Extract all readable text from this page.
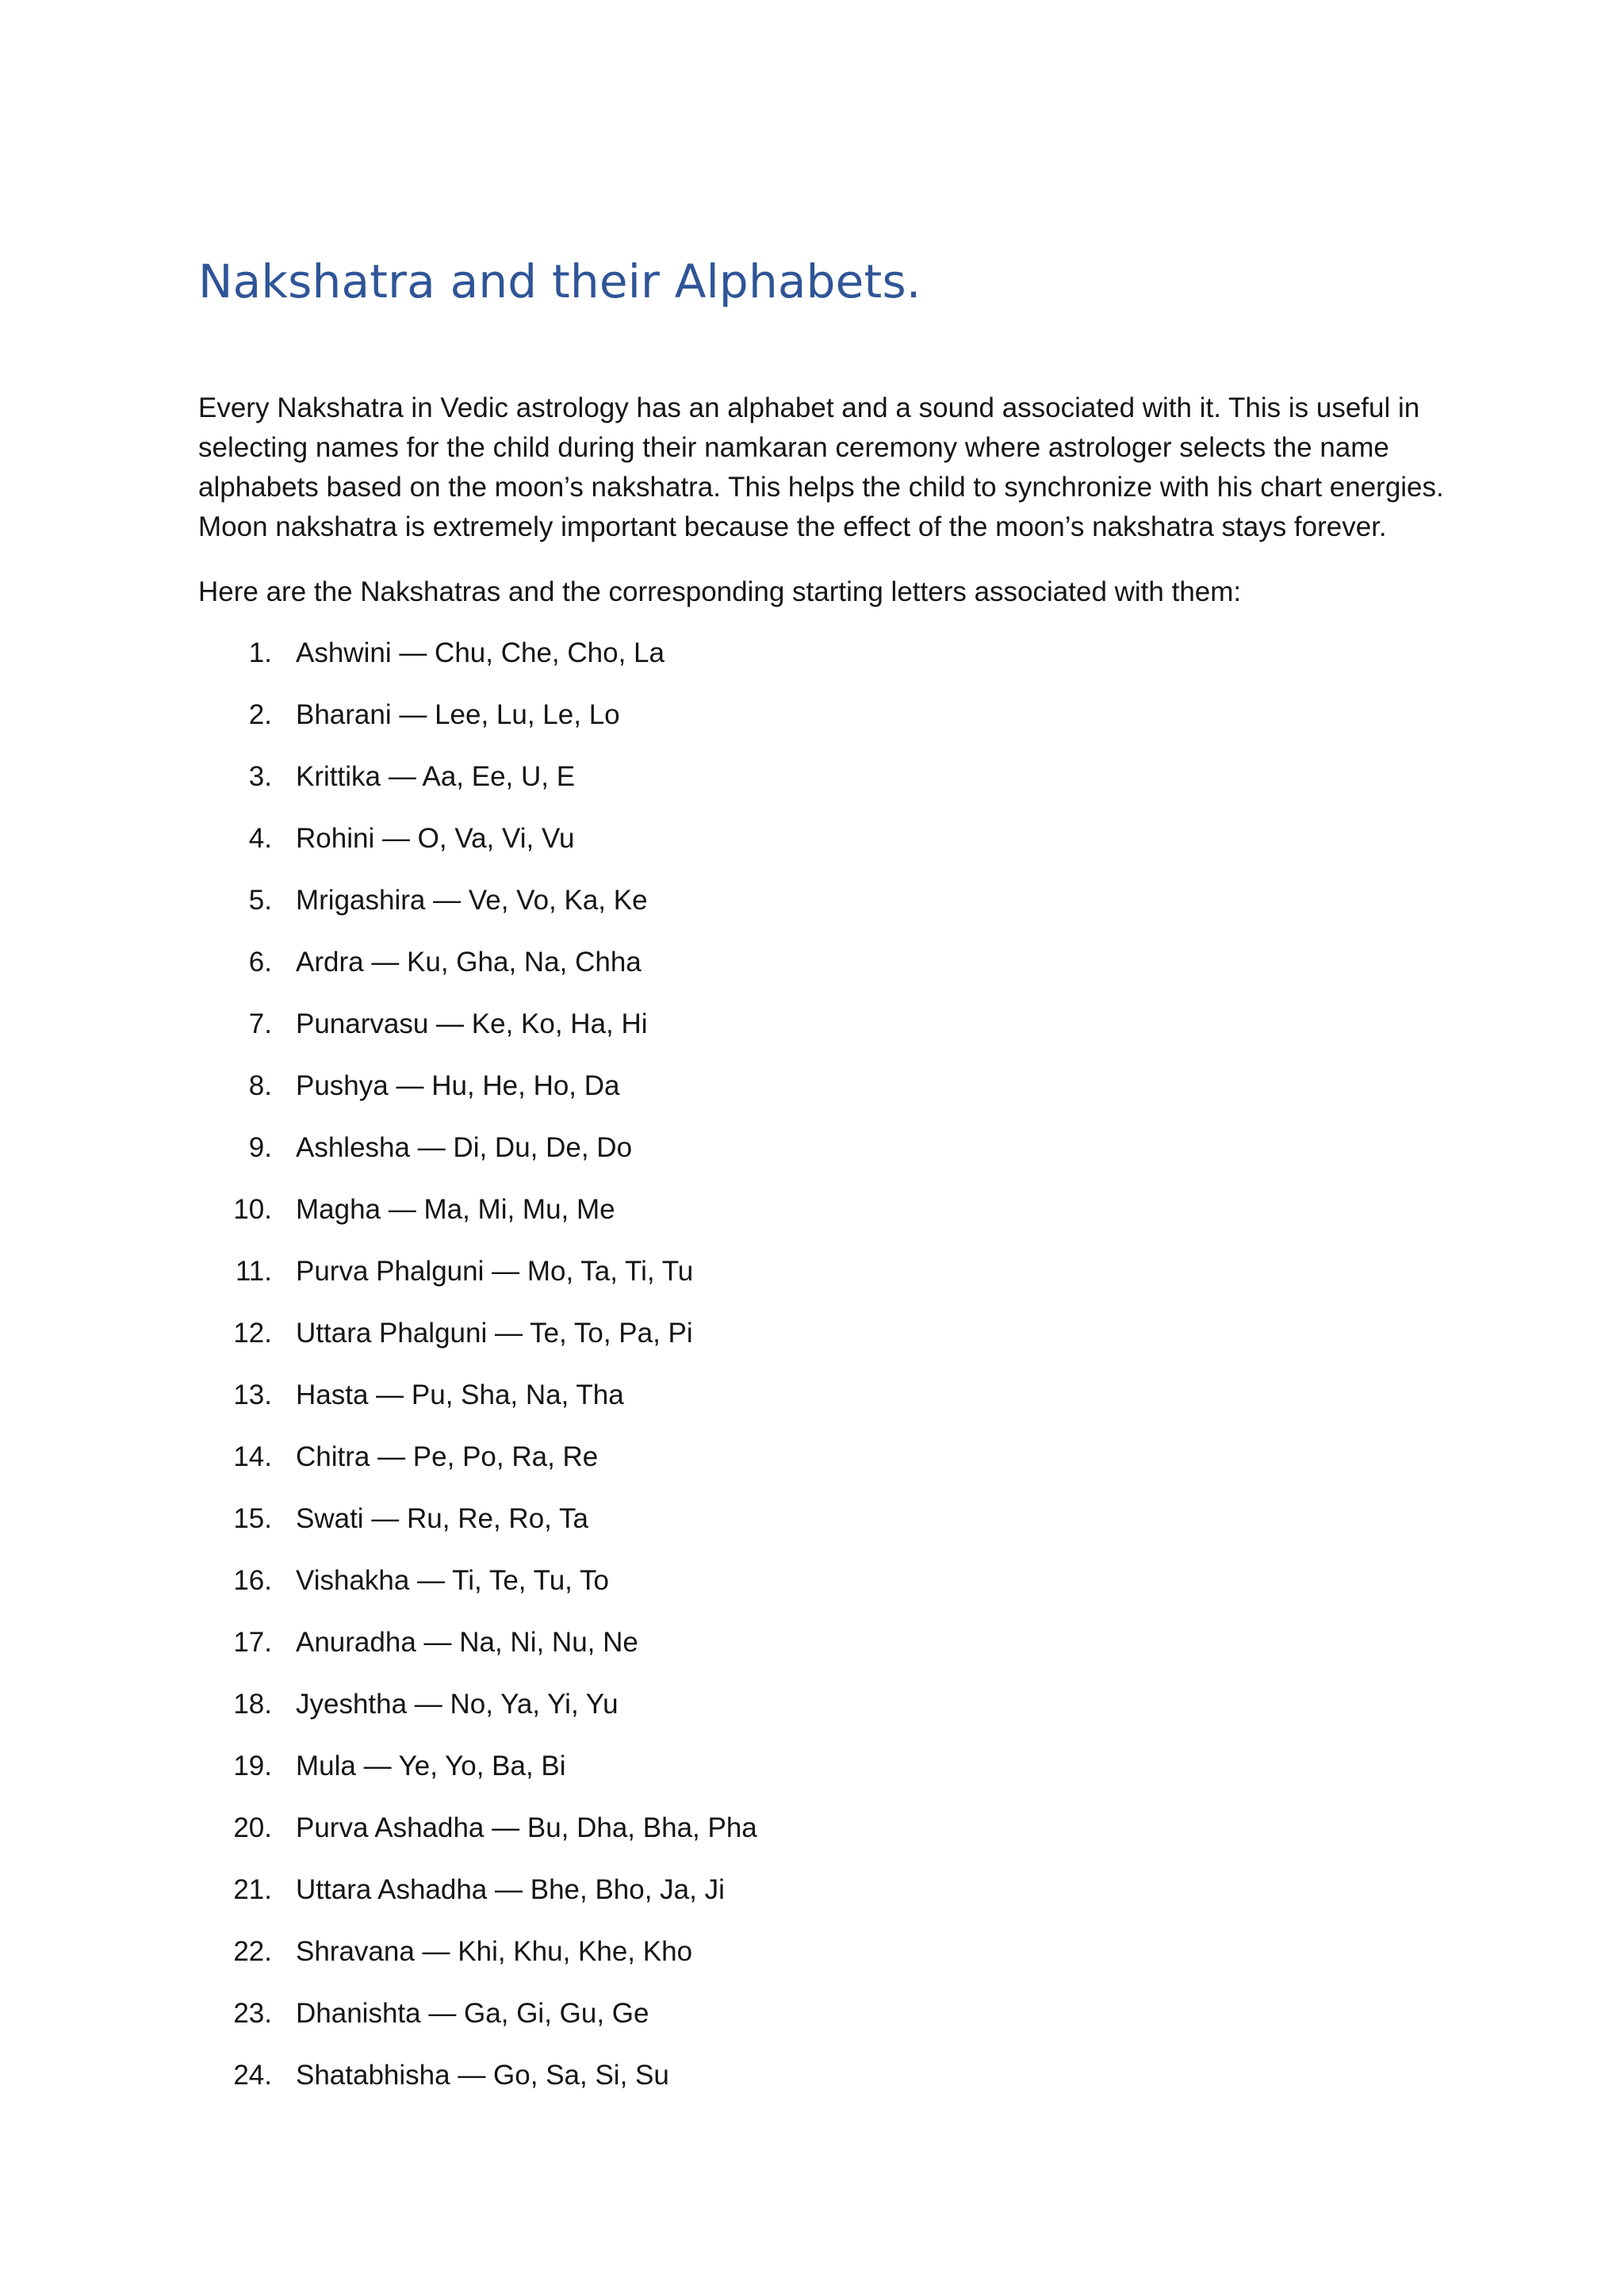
Nakshatra and their Alphabets.

Every Nakshatra in Vedic astrology has an alphabet and a sound associated with it. This is useful in selecting names for the child during their namkaran ceremony where astrologer selects the name alphabets based on the moon’s nakshatra. This helps the child to synchronize with his chart energies. Moon nakshatra is extremely important because the effect of the moon’s nakshatra stays forever.

Here are the Nakshatras and the corresponding starting letters associated with them:

1. Ashwini — Chu, Che, Cho, La
2. Bharani — Lee, Lu, Le, Lo
3. Krittika — Aa, Ee, U, E
4. Rohini — O, Va, Vi, Vu
5. Mrigashira — Ve, Vo, Ka, Ke
6. Ardra — Ku, Gha, Na, Chha
7. Punarvasu — Ke, Ko, Ha, Hi
8. Pushya — Hu, He, Ho, Da
9. Ashlesha — Di, Du, De, Do
10. Magha — Ma, Mi, Mu, Me
11. Purva Phalguni — Mo, Ta, Ti, Tu
12. Uttara Phalguni — Te, To, Pa, Pi
13. Hasta — Pu, Sha, Na, Tha
14. Chitra — Pe, Po, Ra, Re
15. Swati — Ru, Re, Ro, Ta
16. Vishakha — Ti, Te, Tu, To
17. Anuradha — Na, Ni, Nu, Ne
18. Jyeshtha — No, Ya, Yi, Yu
19. Mula — Ye, Yo, Ba, Bi
20. Purva Ashadha — Bu, Dha, Bha, Pha
21. Uttara Ashadha — Bhe, Bho, Ja, Ji
22. Shravana — Khi, Khu, Khe, Kho
23. Dhanishta — Ga, Gi, Gu, Ge
24. Shatabhisha — Go, Sa, Si, Su
